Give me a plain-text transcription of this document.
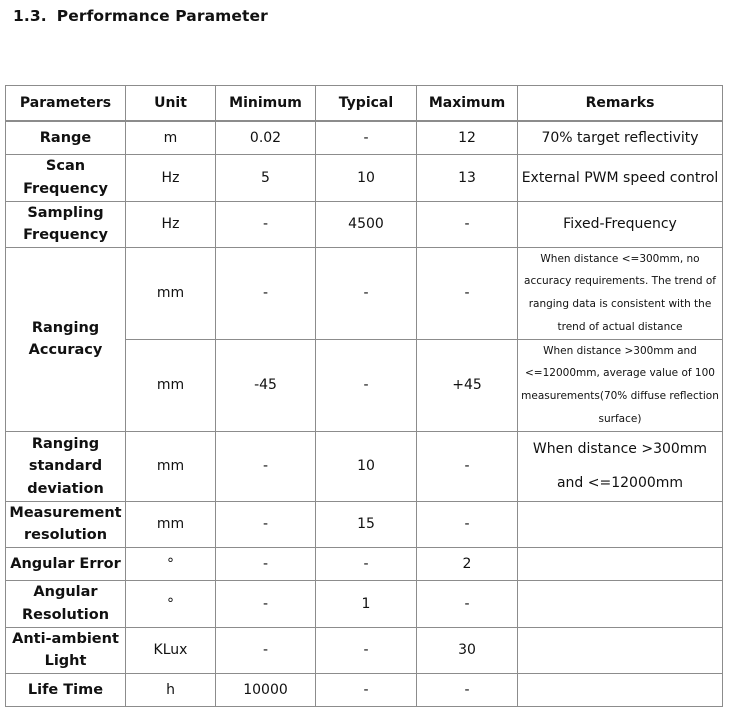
1.3. Performance Parameter
Parameters	Unit	Minimum	Typical	Maximum	Remarks
Range	m	0.02	-	12	70% target reflectivity
Scan Frequency	Hz	5	10	13	External PWM speed control
Sampling Frequency	Hz	-	4500	-	Fixed-Frequency
Ranging Accuracy	mm	-	-	-	When distance <=300mm, no accuracy requirements. The trend of ranging data is consistent with the trend of actual distance
	mm	-45	-	+45	When distance >300mm and <=12000mm, average value of 100 measurements(70% diffuse reflection surface)
Ranging standard deviation	mm	-	10	-	When distance >300mm and <=12000mm
Measurement resolution	mm	-	15	-	
Angular Error	°	-	-	2	
Angular Resolution	°	-	1	-	
Anti-ambient Light	KLux	-	-	30	
Life Time	h	10000	-	-	
